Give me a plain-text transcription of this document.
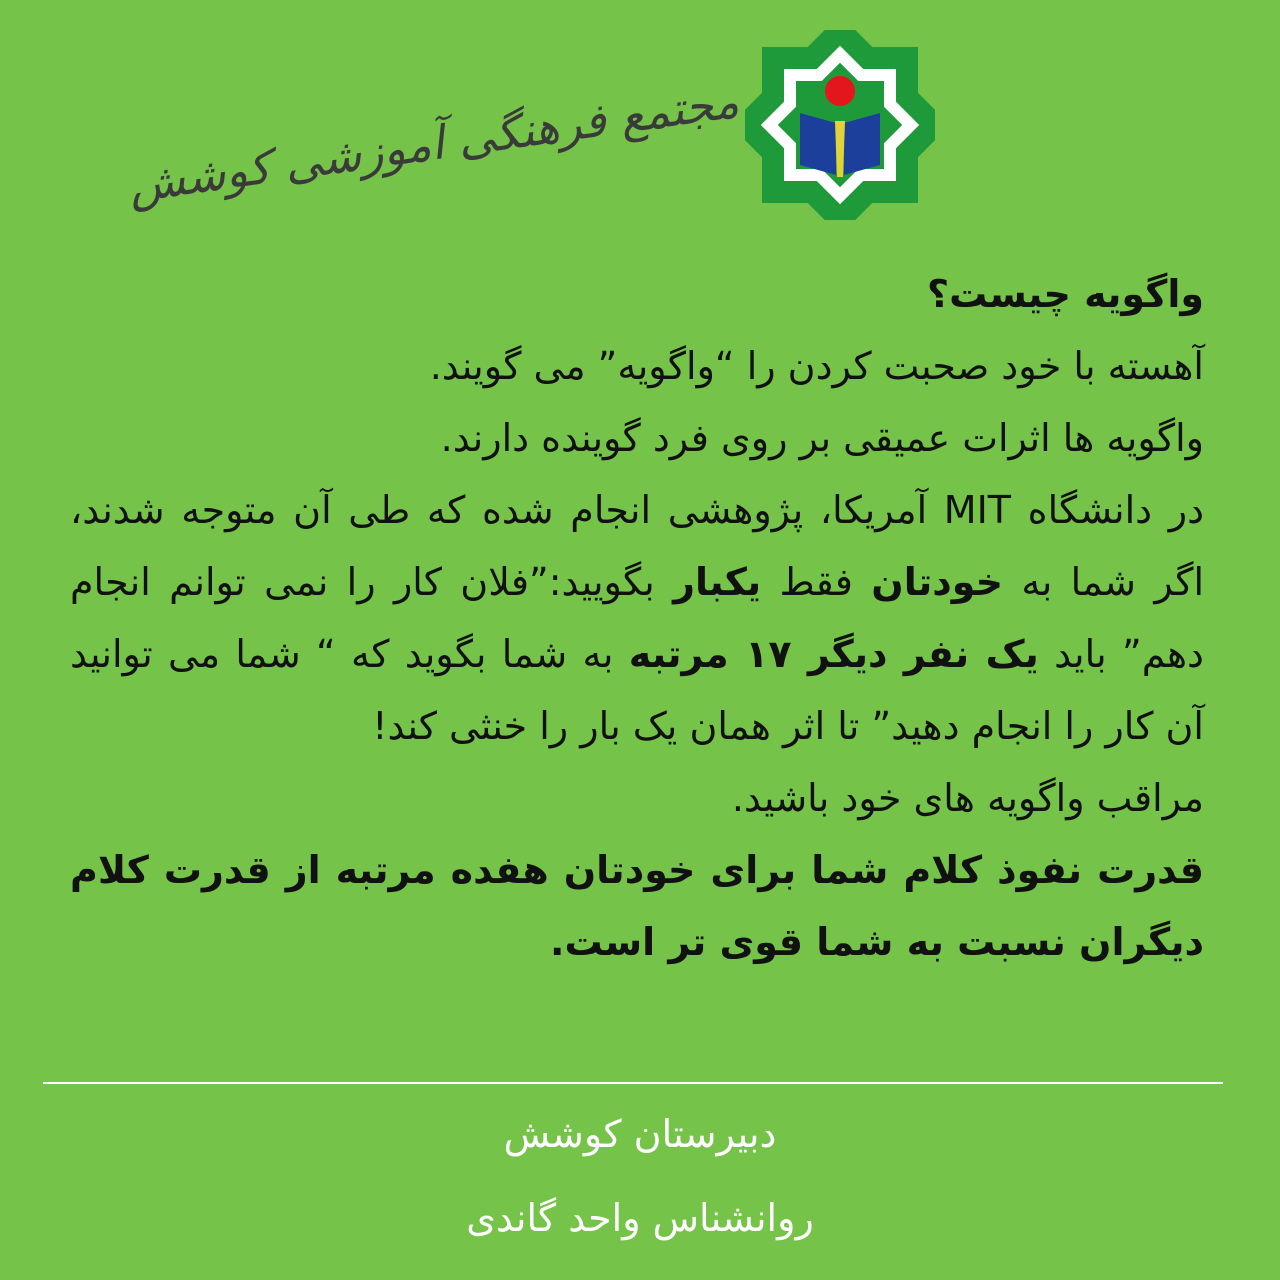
مجتمع فرهنگی آموزشی کوشش

واگویه چیست؟

آهسته با خود صحبت کردن را “واگویه” می گویند.

واگویه ها اثرات عمیقی بر روی فرد گوینده دارند.

در دانشگاه MIT آمریکا، پژوهشی انجام شده که طی آن متوجه شدند، اگر شما به خودتان فقط یکبار بگویید:”فلان کار را نمی توانم انجام دهم” باید یک نفر دیگر ۱۷ مرتبه به شما بگوید که “ شما می توانید آن کار را انجام دهید” تا اثر همان یک بار را خنثی کند!

مراقب واگویه های خود باشید.

قدرت نفوذ کلام شما برای خودتان هفده مرتبه از قدرت کلام دیگران نسبت به شما قوی تر است.

دبیرستان کوشش
روانشناس واحد گاندی
